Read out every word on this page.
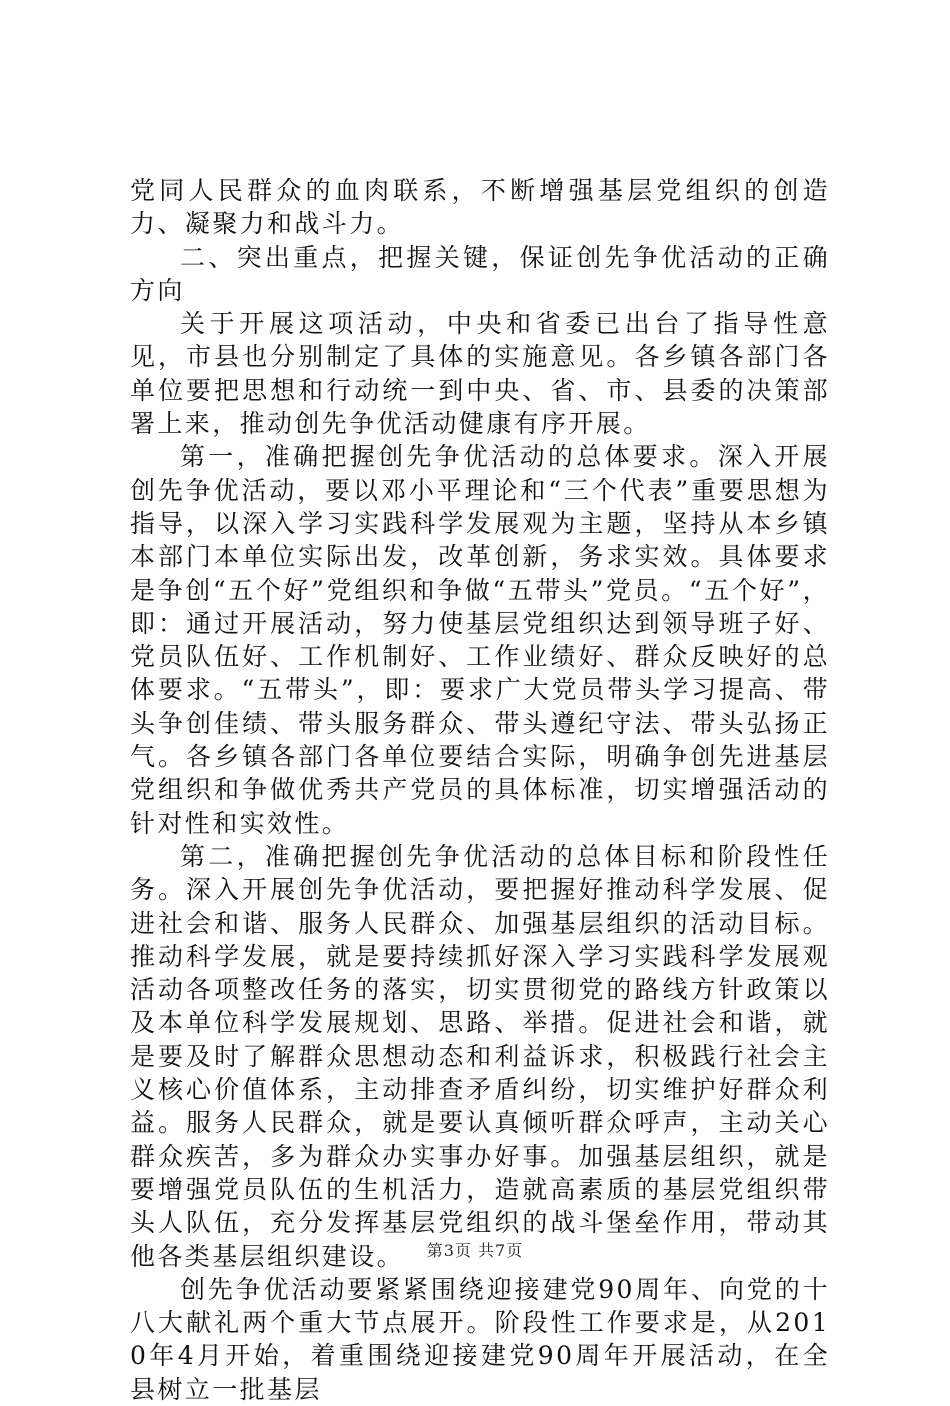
党同人民群众的血肉联系，不断增强基层党组织的创造力、凝聚力和战斗力。

二、突出重点，把握关键，保证创先争优活动的正确方向

关于开展这项活动，中央和省委已出台了指导性意见，市县也分别制定了具体的实施意见。各乡镇各部门各单位要把思想和行动统一到中央、省、市、县委的决策部署上来，推动创先争优活动健康有序开展。

第一，准确把握创先争优活动的总体要求。深入开展创先争优活动，要以邓小平理论和“三个代表”重要思想为指导，以深入学习实践科学发展观为主题，坚持从本乡镇本部门本单位实际出发，改革创新，务求实效。具体要求是争创“五个好”党组织和争做“五带头”党员。“五个好”，即：通过开展活动，努力使基层党组织达到领导班子好、党员队伍好、工作机制好、工作业绩好、群众反映好的总体要求。“五带头”，即：要求广大党员带头学习提高、带头争创佳绩、带头服务群众、带头遵纪守法、带头弘扬正气。各乡镇各部门各单位要结合实际，明确争创先进基层党组织和争做优秀共产党员的具体标准，切实增强活动的针对性和实效性。

第二，准确把握创先争优活动的总体目标和阶段性任务。深入开展创先争优活动，要把握好推动科学发展、促进社会和谐、服务人民群众、加强基层组织的活动目标。推动科学发展，就是要持续抓好深入学习实践科学发展观活动各项整改任务的落实，切实贯彻党的路线方针政策以及本单位科学发展规划、思路、举措。促进社会和谐，就是要及时了解群众思想动态和利益诉求，积极践行社会主义核心价值体系，主动排查矛盾纠纷，切实维护好群众利益。服务人民群众，就是要认真倾听群众呼声，主动关心群众疾苦，多为群众办实事办好事。加强基层组织，就是要增强党员队伍的生机活力，造就高素质的基层党组织带头人队伍，充分发挥基层党组织的战斗堡垒作用，带动其他各类基层组织建设。

创先争优活动要紧紧围绕迎接建党90周年、向党的十八大献礼两个重大节点展开。阶段性工作要求是，从2010年4月开始，着重围绕迎接建党90周年开展活动，在全县树立一批基层

第3页 共7页
